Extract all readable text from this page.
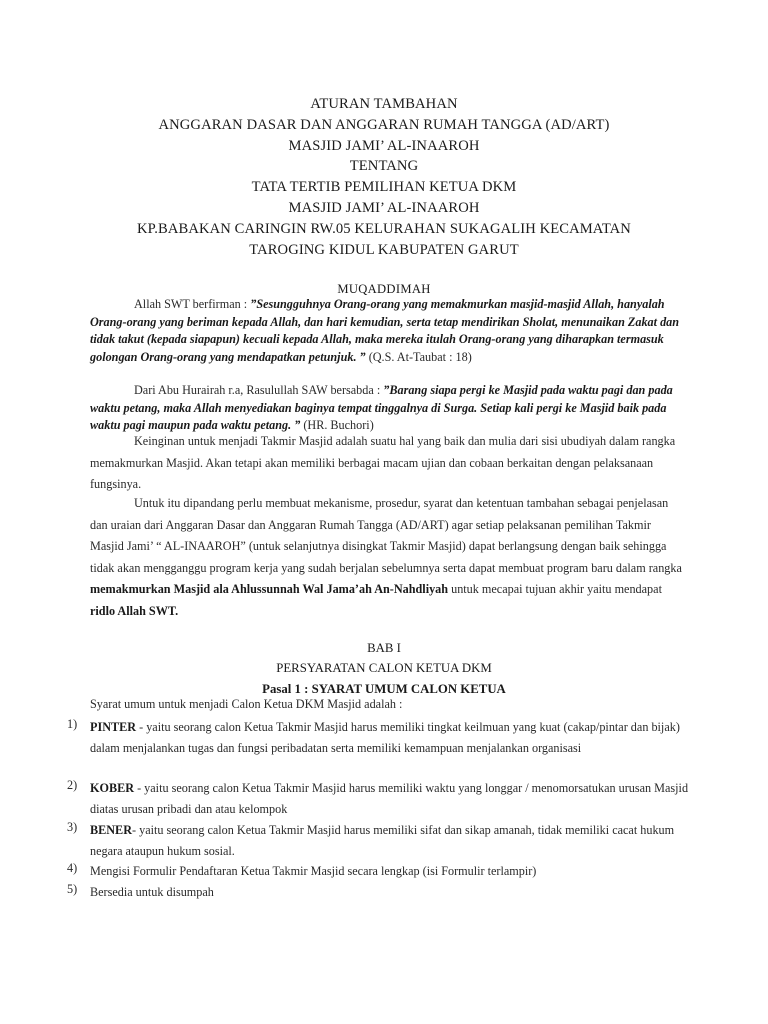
ATURAN TAMBAHAN
ANGGARAN DASAR DAN ANGGARAN RUMAH TANGGA (AD/ART)
MASJID JAMI’ AL-INAAROH
TENTANG
TATA TERTIB PEMILIHAN KETUA DKM
MASJID JAMI’ AL-INAAROH
KP.BABAKAN CARINGIN RW.05 KELURAHAN SUKAGALIH KECAMATAN
TAROGING KIDUL KABUPATEN GARUT
MUQADDIMAH
Allah SWT berfirman : ”Sesungguhnya Orang-orang yang memakmurkan masjid-masjid Allah, hanyalah Orang-orang yang beriman kepada Allah, dan hari kemudian, serta tetap mendirikan Sholat, menunaikan Zakat dan tidak takut (kepada siapapun) kecuali kepada Allah, maka mereka itulah Orang-orang yang diharapkan termasuk golongan Orang-orang yang mendapatkan petunjuk. ” (Q.S. At-Taubat : 18)
Dari Abu Hurairah r.a, Rasulullah SAW bersabda : ”Barang siapa pergi ke Masjid pada waktu pagi dan pada waktu petang, maka Allah menyediakan baginya tempat tinggalnya di Surga. Setiap kali pergi ke Masjid baik pada waktu pagi maupun pada waktu petang. ” (HR. Buchori)
Keinginan untuk menjadi Takmir Masjid adalah suatu hal yang baik dan mulia dari sisi ubudiyah dalam rangka memakmurkan Masjid. Akan tetapi akan memiliki berbagai macam ujian dan cobaan berkaitan dengan pelaksanaan fungsinya.
Untuk itu dipandang perlu membuat mekanisme, prosedur, syarat dan ketentuan tambahan sebagai penjelasan dan uraian dari Anggaran Dasar dan Anggaran Rumah Tangga (AD/ART) agar setiap pelaksanan pemilihan Takmir Masjid Jami’ “ AL-INAAROH” (untuk selanjutnya disingkat Takmir Masjid) dapat berlangsung dengan baik sehingga tidak akan mengganggu program kerja yang sudah berjalan sebelumnya serta dapat membuat program baru dalam rangka memakmurkan Masjid ala Ahlussunnah Wal Jama’ah An-Nahdliyah untuk mecapai tujuan akhir yaitu mendapat ridlo Allah SWT.
BAB I
PERSYARATAN CALON KETUA DKM
Pasal 1 : SYARAT UMUM CALON KETUA
Syarat umum untuk menjadi Calon Ketua DKM Masjid adalah :
1) PINTER - yaitu seorang calon Ketua Takmir Masjid harus memiliki tingkat keilmuan yang kuat (cakap/pintar dan bijak) dalam menjalankan tugas dan fungsi peribadatan serta memiliki kemampuan menjalankan organisasi
2) KOBER - yaitu seorang calon Ketua Takmir Masjid harus memiliki waktu yang longgar / menomorsatukan urusan Masjid diatas urusan pribadi dan atau kelompok
3) BENER- yaitu seorang calon Ketua Takmir Masjid harus memiliki sifat dan sikap amanah, tidak memiliki cacat hukum negara ataupun hukum sosial.
4) Mengisi Formulir Pendaftaran Ketua Takmir Masjid secara lengkap (isi Formulir terlampir)
5) Bersedia untuk disumpah
